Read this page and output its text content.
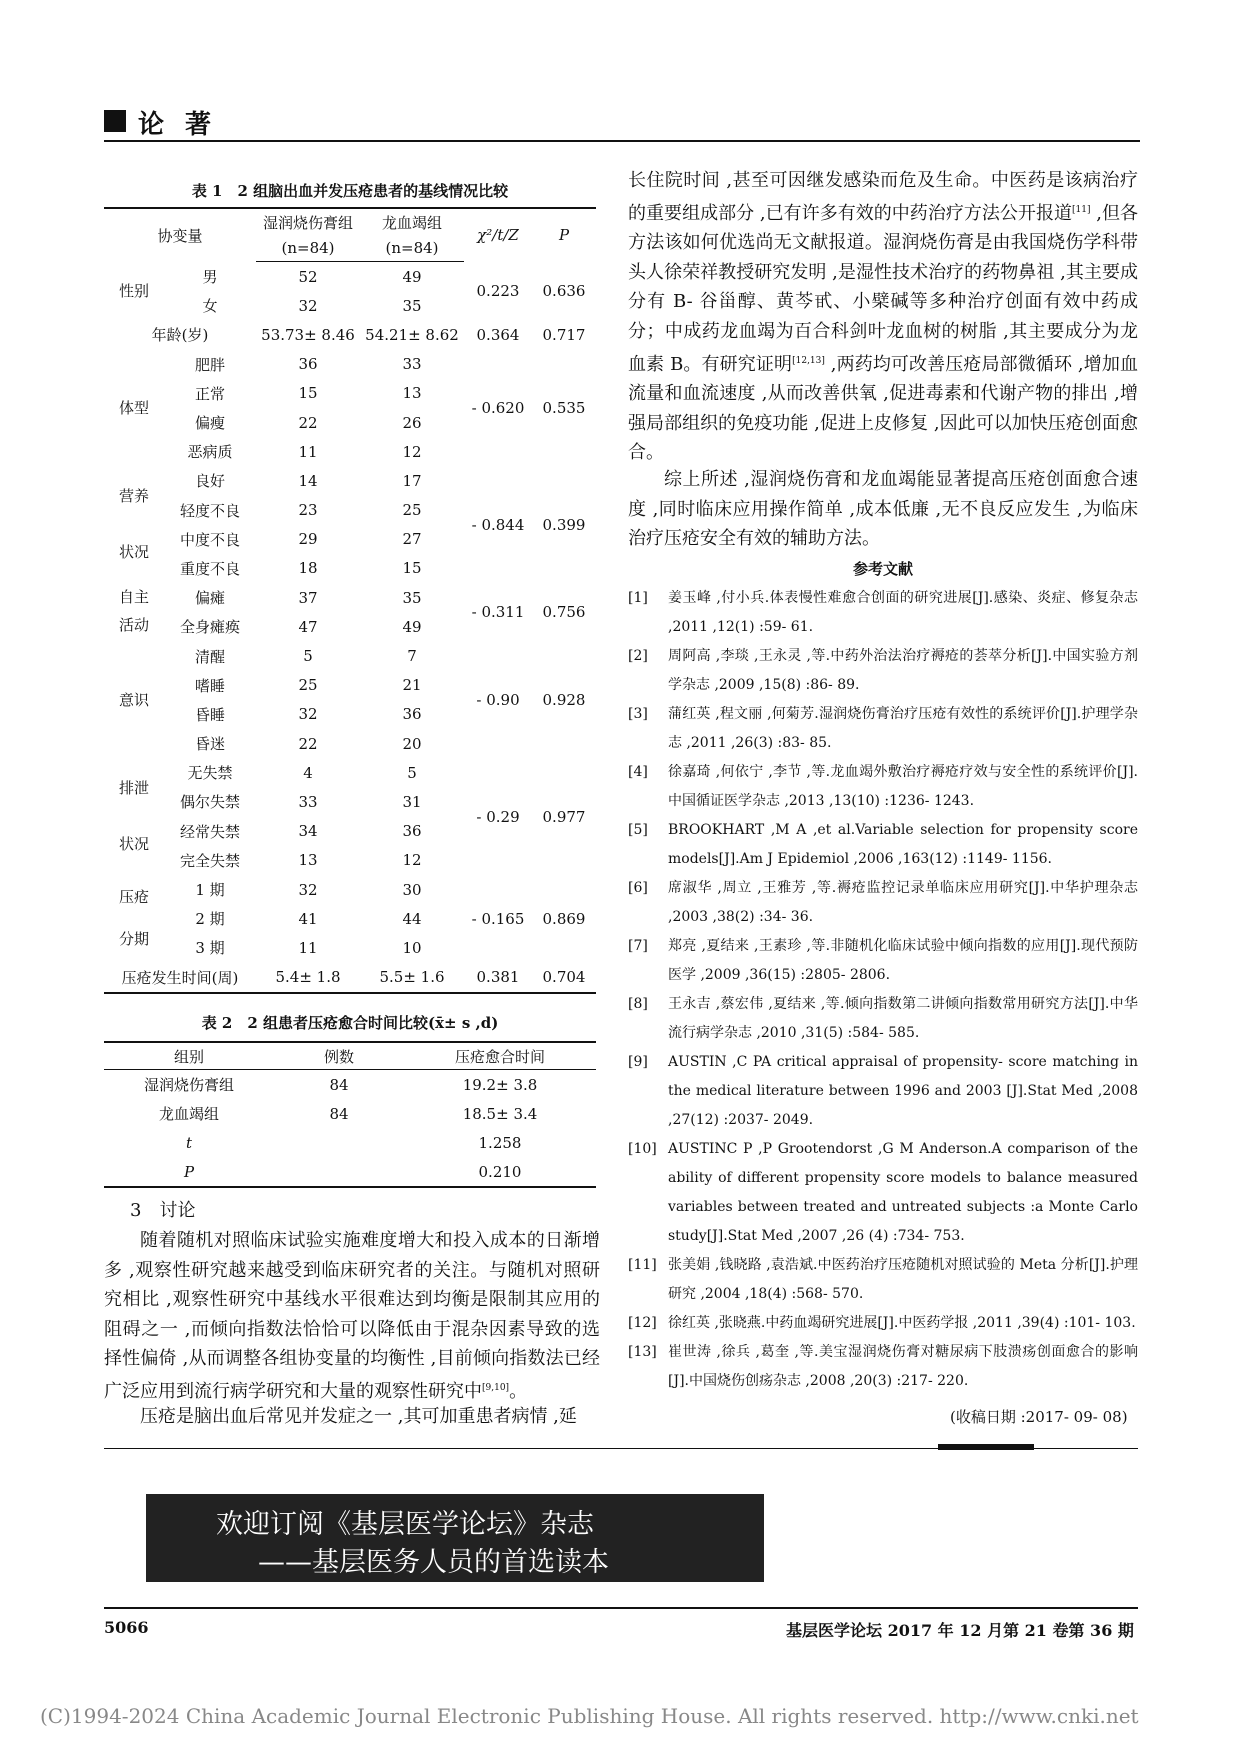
论 著
表 1　2 组脑出血并发压疮患者的基线情况比较
协变量		湿润烧伤膏组	龙血竭组	χ²/t/Z	P
		(n=84)	(n=84)		

性别	男	52	49	0.223	0.636
	女	32	35		
年龄(岁)		53.73± 8.46	54.21± 8.62	0.364	0.717

体型	肥胖	36	33	- 0.620	0.535
	正常	15	13		
	偏瘦	22	26		
	恶病质	11	12		

营养
状况	良好	14	17	- 0.844	0.399
	轻度不良	23	25		
	中度不良	29	27		
	重度不良	18	15		

自主
活动	偏瘫	37	35	- 0.311	0.756
	全身瘫痪	47	49		

意识	清醒	5	7	- 0.90	0.928
	嗜睡	25	21		
	昏睡	32	36		
	昏迷	22	20		

排泄
状况	无失禁	4	5	- 0.29	0.977
	偶尔失禁	33	31		
	经常失禁	34	36		
	完全失禁	13	12		

压疮
分期	1 期	32	30	- 0.165	0.869
	2 期	41	44		
	3 期	11	10		
压疮发生时间(周)		5.4± 1.8	5.5± 1.6	0.381	0.704
表 2　2 组患者压疮愈合时间比较(x̄± s ,d)
组别	例数	压疮愈合时间
湿润烧伤膏组	84	19.2± 3.8
龙血竭组	84	18.5± 3.4
t		1.258
P		0.210
3　讨论
随着随机对照临床试验实施难度增大和投入成本的日渐增多 ,观察性研究越来越受到临床研究者的关注。与随机对照研究相比 ,观察性研究中基线水平很难达到均衡是限制其应用的阻碍之一 ,而倾向指数法恰恰可以降低由于混杂因素导致的选择性偏倚 ,从而调整各组协变量的均衡性 ,目前倾向指数法已经广泛应用到流行病学研究和大量的观察性研究中[9,10]。
压疮是脑出血后常见并发症之一 ,其可加重患者病情 ,延
长住院时间 ,甚至可因继发感染而危及生命。中医药是该病治疗的重要组成部分 ,已有许多有效的中药治疗方法公开报道[11] ,但各方法该如何优选尚无文献报道。湿润烧伤膏是由我国烧伤学科带头人徐荣祥教授研究发明 ,是湿性技术治疗的药物鼻祖 ,其主要成分有 B- 谷甾醇、黄芩甙、小檗碱等多种治疗创面有效中药成分；中成药龙血竭为百合科剑叶龙血树的树脂 ,其主要成分为龙血素 B。有研究证明[12,13] ,两药均可改善压疮局部微循环 ,增加血流量和血流速度 ,从而改善供氧 ,促进毒素和代谢产物的排出 ,增强局部组织的免疫功能 ,促进上皮修复 ,因此可以加快压疮创面愈合。
综上所述 ,湿润烧伤膏和龙血竭能显著提高压疮创面愈合速度 ,同时临床应用操作简单 ,成本低廉 ,无不良反应发生 ,为临床治疗压疮安全有效的辅助方法。
参考文献
[1]	姜玉峰 ,付小兵.体表慢性难愈合创面的研究进展[J].感染、炎症、修复杂志 ,2011 ,12(1) :59- 61.
[2]	周阿高 ,李琰 ,王永灵 ,等.中药外治法治疗褥疮的荟萃分析[J].中国实验方剂学杂志 ,2009 ,15(8) :86- 89.
[3]	蒲红英 ,程文丽 ,何菊芳.湿润烧伤膏治疗压疮有效性的系统评价[J].护理学杂志 ,2011 ,26(3) :83- 85.
[4]	徐嘉琦 ,何依宁 ,李节 ,等.龙血竭外敷治疗褥疮疗效与安全性的系统评价[J].中国循证医学杂志 ,2013 ,13(10) :1236- 1243.
[5]	BROOKHART ,M A ,et al.Variable selection for propensity score models[J].Am J Epidemiol ,2006 ,163(12) :1149- 1156.
[6]	席淑华 ,周立 ,王雅芳 ,等.褥疮监控记录单临床应用研究[J].中华护理杂志 ,2003 ,38(2) :34- 36.
[7]	郑亮 ,夏结来 ,王素珍 ,等.非随机化临床试验中倾向指数的应用[J].现代预防医学 ,2009 ,36(15) :2805- 2806.
[8]	王永吉 ,蔡宏伟 ,夏结来 ,等.倾向指数第二讲倾向指数常用研究方法[J].中华流行病学杂志 ,2010 ,31(5) :584- 585.
[9]	AUSTIN ,C PA critical appraisal of propensity- score matching in the medical literature between 1996 and 2003 [J].Stat Med ,2008 ,27(12) :2037- 2049.
[10] AUSTINC P ,P Grootendorst ,G M Anderson.A comparison of the ability of different propensity score models to balance measured variables between treated and untreated subjects :a Monte Carlo study[J].Stat Med ,2007 ,26 (4) :734- 753.
[11] 张美娟 ,钱晓路 ,袁浩斌.中医药治疗压疮随机对照试验的 Meta 分析[J].护理研究 ,2004 ,18(4) :568- 570.
[12] 徐红英 ,张晓燕.中药血竭研究进展[J].中医药学报 ,2011 ,39(4) :101- 103.
[13] 崔世涛 ,徐兵 ,葛奎 ,等.美宝湿润烧伤膏对糖尿病下肢溃疡创面愈合的影响[J].中国烧伤创疡杂志 ,2008 ,20(3) :217- 220.
(收稿日期 :2017- 09- 08)
欢迎订阅《基层医学论坛》杂志
——基层医务人员的首选读本
5066	基层医学论坛 2017 年 12 月第 21 卷第 36 期
(C)1994-2024 China Academic Journal Electronic Publishing House. All rights reserved. http://www.cnki.net
